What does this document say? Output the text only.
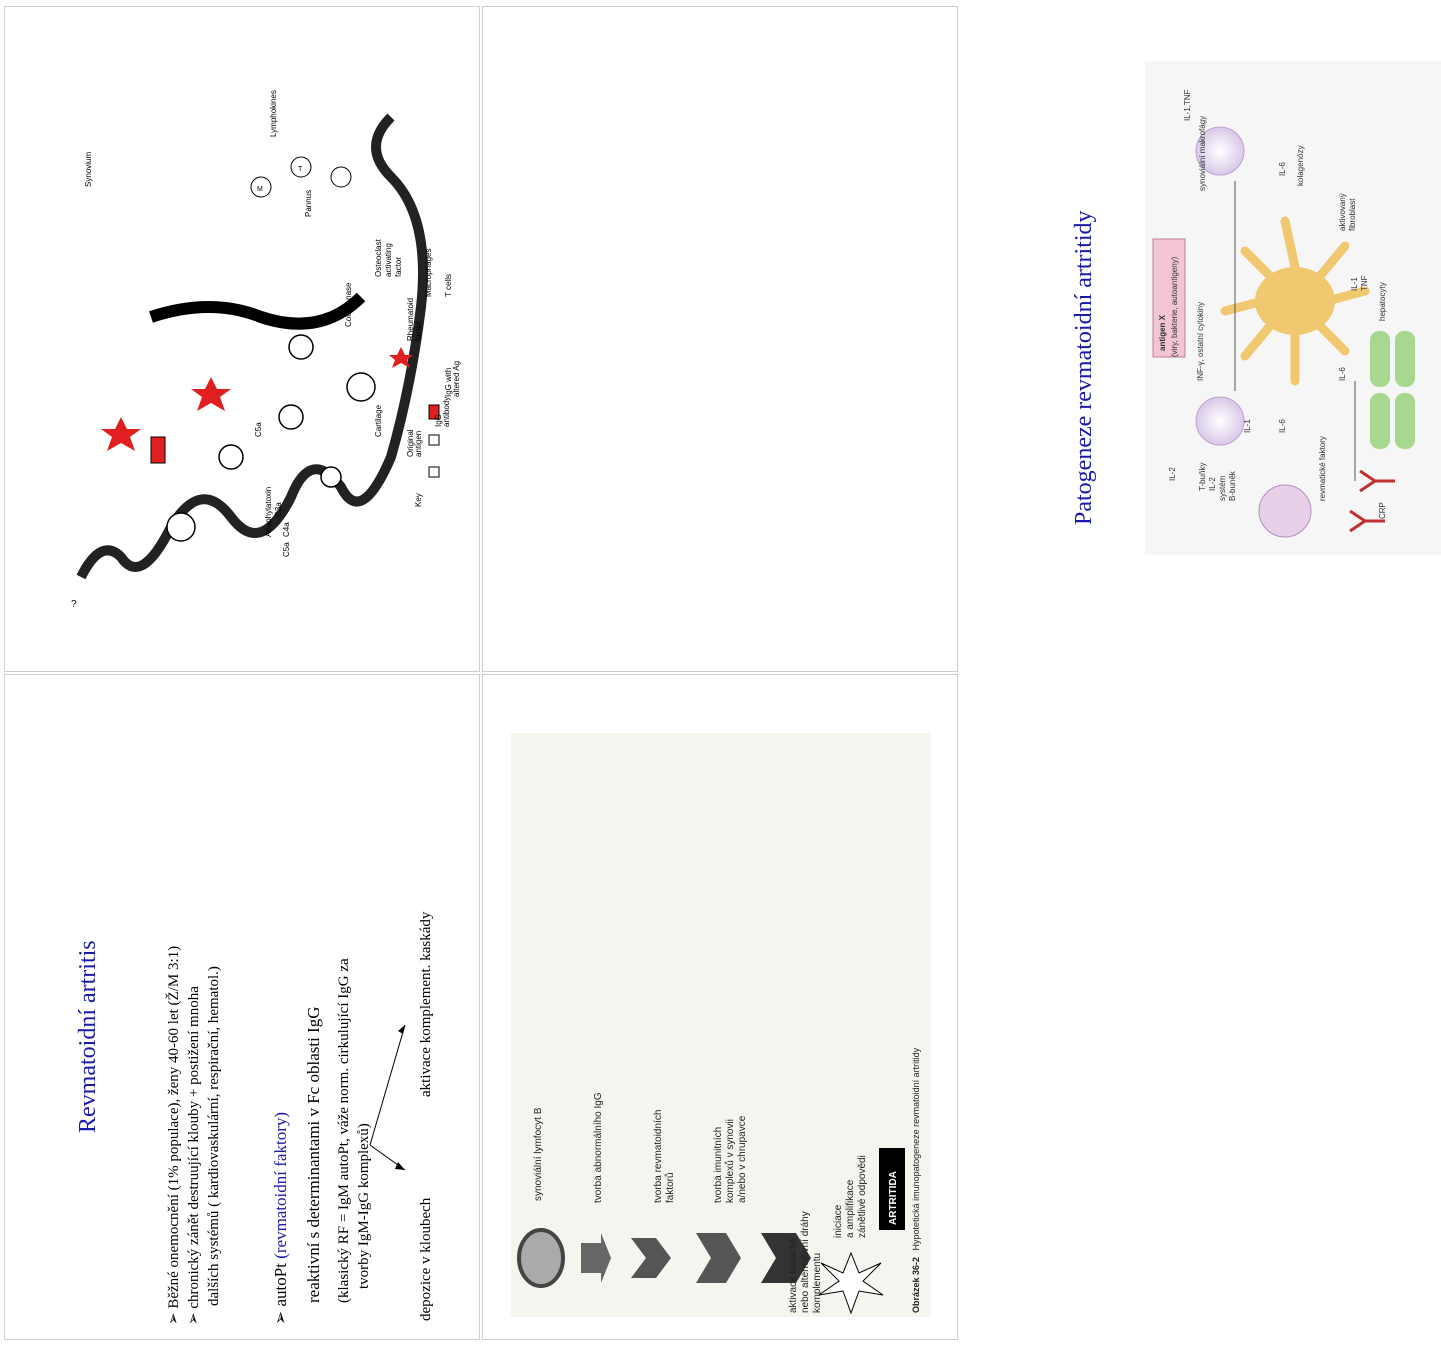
Revmatoidní artritis
➢ Běžné onemocnění (1% populace), ženy 40-60 let (Ž/M 3:1)
➢ chronický zánět destruující klouby + postižení mnoha dalších systémů ( kardiovaskulární, respirační, hematol.)
➢ autoPt (revmatoidní faktory) reaktivní s determinantami v Fc oblasti IgG (klasický RF = IgM autoPt, váže norm. cirkulující IgG za tvorby IgM-IgG komplexů)	depozice v kloubech
aktivace komplement. kaskády
Patogeneze revmatoidní artritidy	antigen X (viry, bakterie, autoantigeny)
IL-2	T-buňky IL-2 systém B-buněk
IL-1	IL-6
INF-γ, ostatní cytokiny
IL-1,TNF
synoviální makrofágy	IL-6 kolagenózy
IL-1 TNF
aktivovaný fibroblast
IL-6
revmatické faktory
CRP
hepatocyty
Synovium
Anaphylatoxin C3a
C4a
C5a
C5a
Collagenase
Pannus
Lymphokines
Cartilage
Osteoclast activating factor
Key
Original antigen
IgG antibody
IgG with altered Ag
Rheumatoid factor
Macrophages T cells
M
T
?
synoviální lymfocyt B	tvorba abnormálního IgG	tvorba revmatoidních faktorů	tvorba imunitních komplexů v synovii a/nebo v chrupavce
aktivace klasické nebo alternativní dráhy komplementu
iniciace a amplifikace zánětlivé odpovědi ARTRITIDA
Obrázek 36-2 Hypotetická imunopatogeneze revmatoidní artritidy
